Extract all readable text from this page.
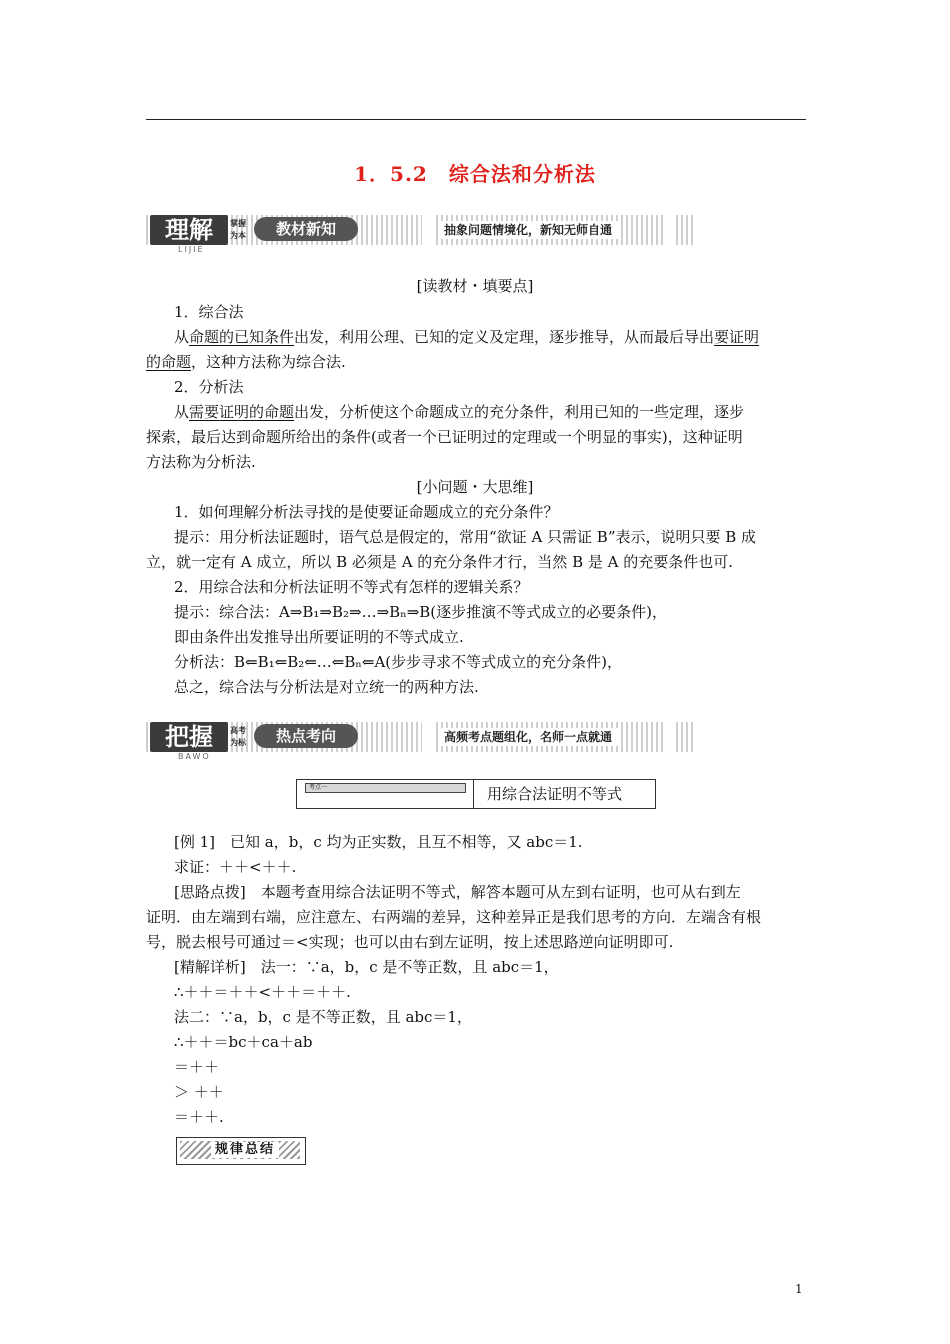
1．5.2　综合法和分析法
理解	掌握为本	教材新知
LIJIE
抽象问题情境化，新知无师自通
[读教材・填要点]
1．综合法
从命题的已知条件出发，利用公理、已知的定义及定理，逐步推导，从而最后导出要证明
的命题，这种方法称为综合法.
2．分析法
从需要证明的命题出发，分析使这个命题成立的充分条件，利用已知的一些定理，逐步
探索，最后达到命题所给出的条件(或者一个已证明过的定理或一个明显的事实)，这种证明
方法称为分析法.
[小问题・大思维]
1．如何理解分析法寻找的是使要证命题成立的充分条件？
提示：用分析法证题时，语气总是假定的，常用“欲证 A 只需证 B”表示，说明只要 B 成
立，就一定有 A 成立，所以 B 必须是 A 的充分条件才行，当然 B 是 A 的充要条件也可.
2．用综合法和分析法证明不等式有怎样的逻辑关系？
提示：综合法：A⇒B₁⇒B₂⇒…⇒Bₙ⇒B(逐步推演不等式成立的必要条件)，
即由条件出发推导出所要证明的不等式成立.
分析法：B⇐B₁⇐B₂⇐…⇐Bₙ⇐A(步步寻求不等式成立的充分条件)，
总之，综合法与分析法是对立统一的两种方法.
把握	高考为标	热点考向
BAWO
高频考点题组化，名师一点就通
考点一	用综合法证明不等式
[例 1]　已知 a，b，c 均为正实数，且互不相等，又 abc＝1.
求证：＋＋<＋＋.
[思路点拨]　本题考查用综合法证明不等式，解答本题可从左到右证明，也可从右到左
证明．由左端到右端，应注意左、右两端的差异，这种差异正是我们思考的方向．左端含有根
号，脱去根号可通过＝<实现；也可以由右到左证明，按上述思路逆向证明即可.
[精解详析]　法一：∵a，b，c 是不等正数，且 abc＝1，
∴＋＋＝＋＋<＋＋＝＋＋.
法二：∵a，b，c 是不等正数，且 abc＝1，
∴＋＋＝bc＋ca＋ab
＝＋＋
＞ ＋＋
＝＋＋.
规律总结
1
